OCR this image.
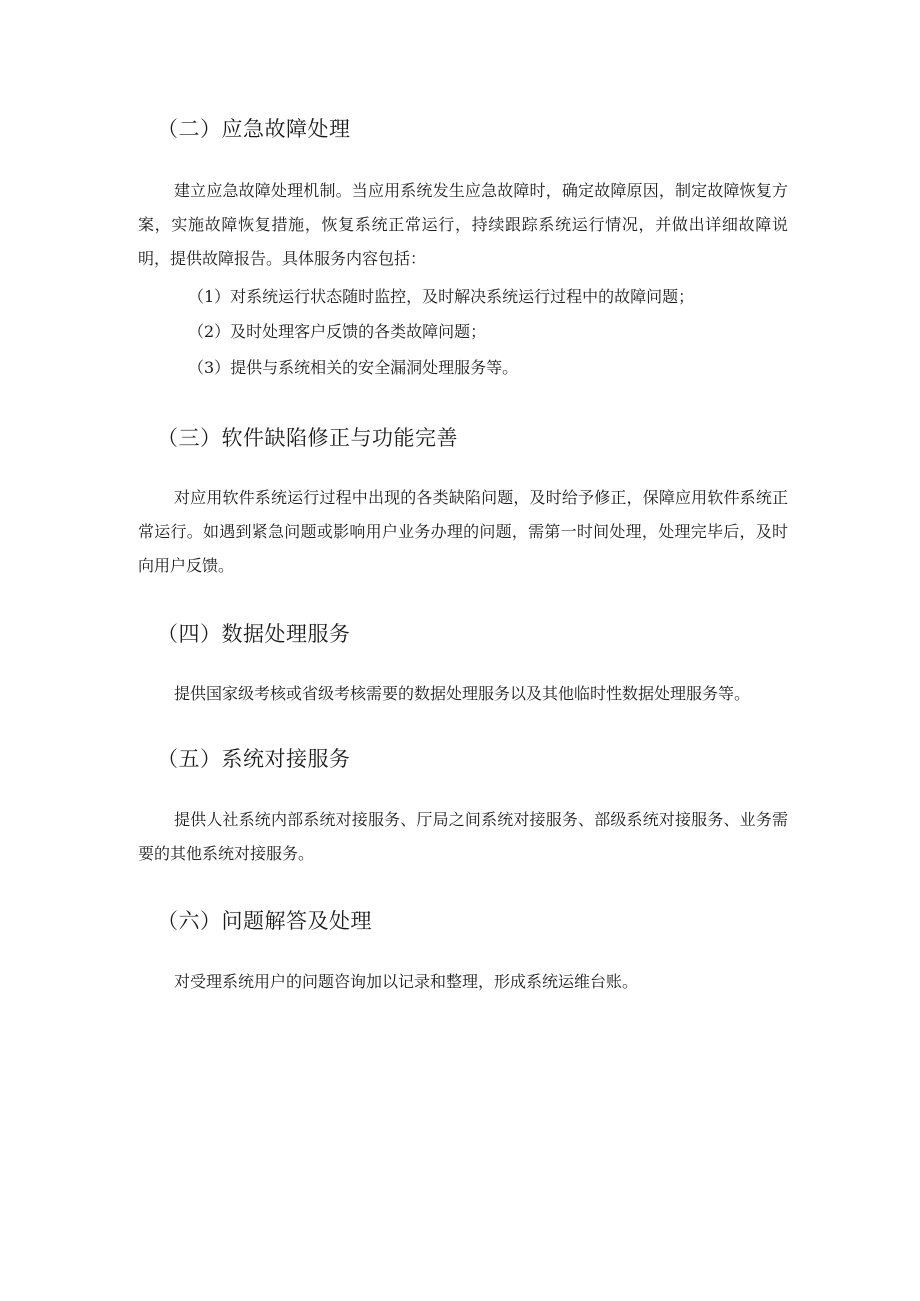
（二）应急故障处理

建立应急故障处理机制。当应用系统发生应急故障时，确定故障原因，制定故障恢复方案，实施故障恢复措施，恢复系统正常运行，持续跟踪系统运行情况，并做出详细故障说明，提供故障报告。具体服务内容包括：

（1）对系统运行状态随时监控，及时解决系统运行过程中的故障问题；
（2）及时处理客户反馈的各类故障问题；
（3）提供与系统相关的安全漏洞处理服务等。
（三）软件缺陷修正与功能完善

对应用软件系统运行过程中出现的各类缺陷问题，及时给予修正，保障应用软件系统正常运行。如遇到紧急问题或影响用户业务办理的问题，需第一时间处理，处理完毕后，及时向用户反馈。

（四）数据处理服务

提供国家级考核或省级考核需要的数据处理服务以及其他临时性数据处理服务等。

（五）系统对接服务

提供人社系统内部系统对接服务、厅局之间系统对接服务、部级系统对接服务、业务需要的其他系统对接服务。

（六）问题解答及处理

对受理系统用户的问题咨询加以记录和整理，形成系统运维台账。
